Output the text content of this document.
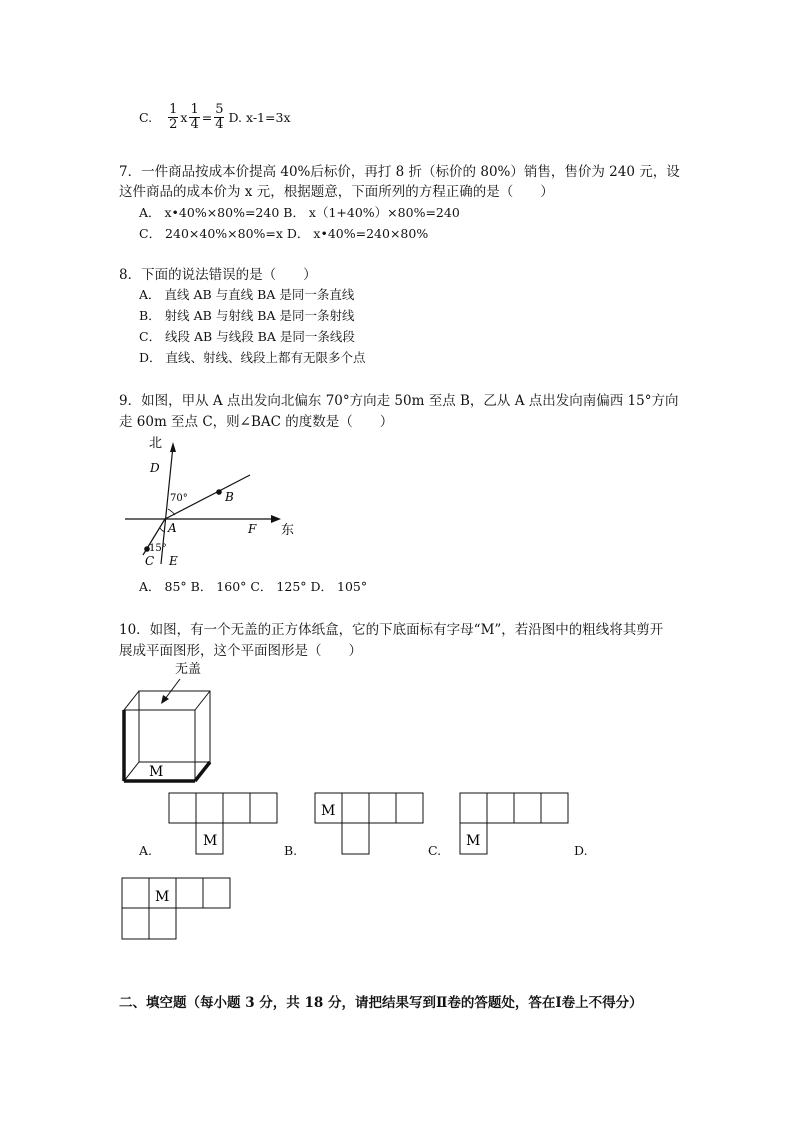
C. $\frac{1}{2}$ x $\frac{1}{4} = \frac{5}{4} D$. x-1=3x
7．一件商品按成本价提高 40%后标价，再打 8 折（标价的 80%）销售，售价为 240 元，设
这件商品的成本价为 x 元，根据题意，下面所列的方程正确的是（　　）
A． x•40%×80%=240 B． x（1+40%）×80%=240
C． 240×40%×80%=x D． x•40%=240×80%
8．下面的说法错误的是（　　）
A． 直线 AB 与直线 BA 是同一条直线
B． 射线 AB 与射线 BA 是同一条射线
C． 线段 AB 与线段 BA 是同一条线段
D． 直线、射线、线段上都有无限多个点
9．如图，甲从 A 点出发向北偏东 70°方向走 50m 至点 B，乙从 A 点出发向南偏西 15°方向
走 60m 至点 C，则∠BAC 的度数是（　　）
北
东
D
70°	B
A	F
15°
C E
A． 85° B． 160° C． 125° D． 105°
10．如图，有一个无盖的正方体纸盒，它的下底面标有字母“M”，若沿图中的粗线将其剪开
展成平面图形，这个平面图形是（　　）
无盖
M
M
A.
M
B.
M
C.	D.
M
二、填空题（每小题 3 分，共 18 分，请把结果写到Ⅱ卷的答题处，答在Ⅰ卷上不得分）
